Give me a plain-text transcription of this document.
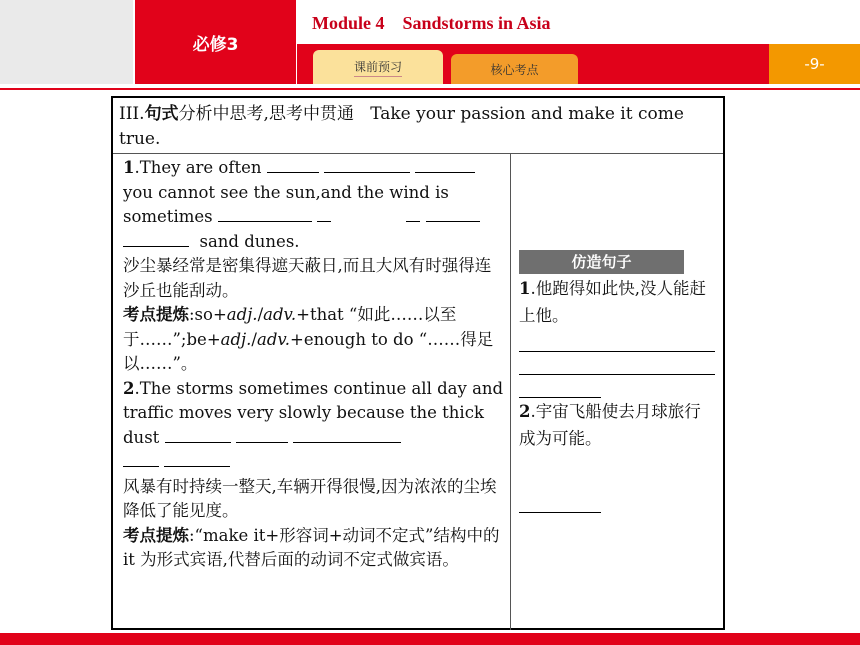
必修3
Module 4    Sandstorms in Asia
课前预习	核心考点	-9-
III.句式分析中思考,思考中贯通 Take your passion and make it come true.

1.They are often
you cannot see the sun,and the wind is sometimes
sand dunes.

沙尘暴经常是密集得遮天蔽日,而且大风有时强得连沙丘也能刮动。

考点提炼:so+adj./adv.+that “如此……以至于……”;be+adj./adv.+enough to do “……得足以……”。

2.The storms sometimes continue all day and traffic moves very slowly because the thick dust

风暴有时持续一整天,车辆开得很慢,因为浓浓的尘埃降低了能见度。

考点提炼:“make it+形容词+动词不定式”结构中的 it 为形式宾语,代替后面的动词不定式做宾语。

仿造句子

1.他跑得如此快,没人能赶上他。

2.宇宙飞船使去月球旅行成为可能。
